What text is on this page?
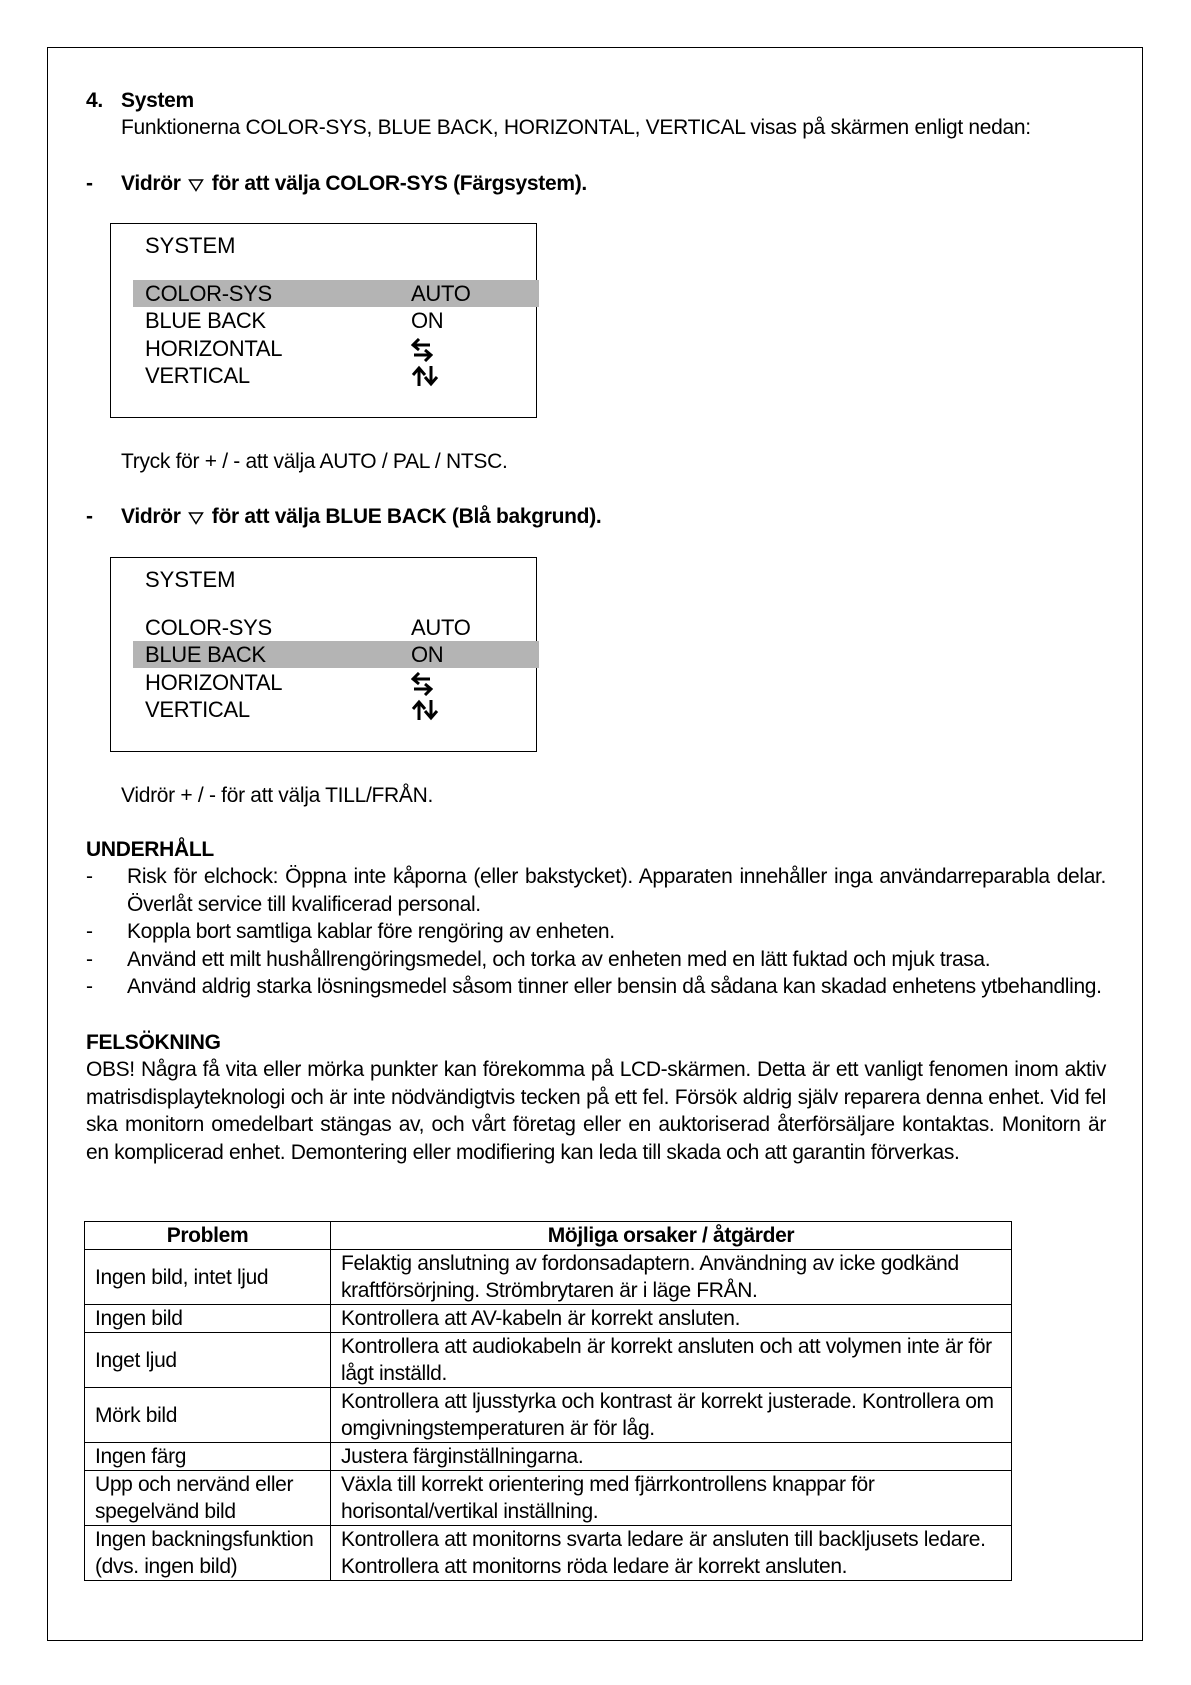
4. System
Funktionerna COLOR-SYS, BLUE BACK, HORIZONTAL, VERTICAL visas på skärmen enligt nedan:
- Vidrör för att välja COLOR-SYS (Färgsystem).
SYSTEM
COLOR-SYS	AUTO
BLUE BACK	ON
HORIZONTAL
VERTICAL
Tryck för + / - att välja AUTO / PAL / NTSC.
- Vidrör för att välja BLUE BACK (Blå bakgrund).
SYSTEM
COLOR-SYS	AUTO
BLUE BACK	ON
HORIZONTAL
VERTICAL
Vidrör + / - för att välja TILL/FRÅN.
UNDERHÅLL
- Risk för elchock: Öppna inte kåporna (eller bakstycket). Apparaten innehåller inga användarreparabla delar. Överlåt service till kvalificerad personal.
- Koppla bort samtliga kablar före rengöring av enheten.
- Använd ett milt hushållrengöringsmedel, och torka av enheten med en lätt fuktad och mjuk trasa.
- Använd aldrig starka lösningsmedel såsom tinner eller bensin då sådana kan skadad enhetens ytbehandling.
FELSÖKNING
OBS! Några få vita eller mörka punkter kan förekomma på LCD-skärmen. Detta är ett vanligt fenomen inom aktiv matrisdisplayteknologi och är inte nödvändigtvis tecken på ett fel. Försök aldrig själv reparera denna enhet. Vid fel ska monitorn omedelbart stängas av, och vårt företag eller en auktoriserad återförsäljare kontaktas. Monitorn är en komplicerad enhet. Demontering eller modifiering kan leda till skada och att garantin förverkas.
Problem	Möjliga orsaker / åtgärder
Ingen bild, intet ljud	Felaktig anslutning av fordonsadaptern. Användning av icke godkänd kraftförsörjning. Strömbrytaren är i läge FRÅN.
Ingen bild	Kontrollera att AV-kabeln är korrekt ansluten.
Inget ljud	Kontrollera att audiokabeln är korrekt ansluten och att volymen inte är för lågt inställd.
Mörk bild	Kontrollera att ljusstyrka och kontrast är korrekt justerade. Kontrollera om omgivningstemperaturen är för låg.
Ingen färg	Justera färginställningarna.
Upp och nervänd eller spegelvänd bild	Växla till korrekt orientering med fjärrkontrollens knappar för horisontal/vertikal inställning.
Ingen backningsfunktion (dvs. ingen bild)	Kontrollera att monitorns svarta ledare är ansluten till backljusets ledare. Kontrollera att monitorns röda ledare är korrekt ansluten.
